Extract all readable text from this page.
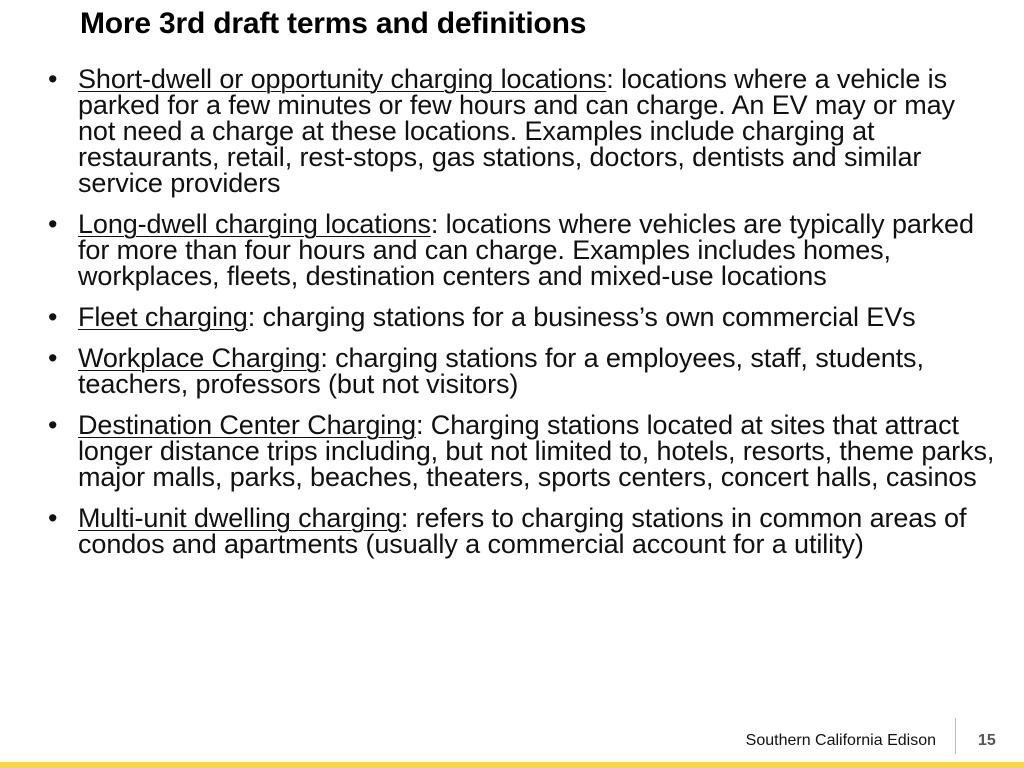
More 3rd draft terms and definitions
• Short-dwell or opportunity charging locations: locations where a vehicle is parked for a few minutes or few hours and can charge. An EV may or may not need a charge at these locations. Examples include charging at restaurants, retail, rest-stops, gas stations, doctors, dentists and similar service providers
• Long-dwell charging locations: locations where vehicles are typically parked for more than four hours and can charge. Examples includes homes, workplaces, fleets, destination centers and mixed-use locations
• Fleet charging: charging stations for a business’s own commercial EVs
• Workplace Charging: charging stations for a employees, staff, students, teachers, professors (but not visitors)
• Destination Center Charging: Charging stations located at sites that attract longer distance trips including, but not limited to, hotels, resorts, theme parks, major malls, parks, beaches, theaters, sports centers, concert halls, casinos
• Multi-unit dwelling charging: refers to charging stations in common areas of condos and apartments (usually a commercial account for a utility)
Southern California Edison	15
